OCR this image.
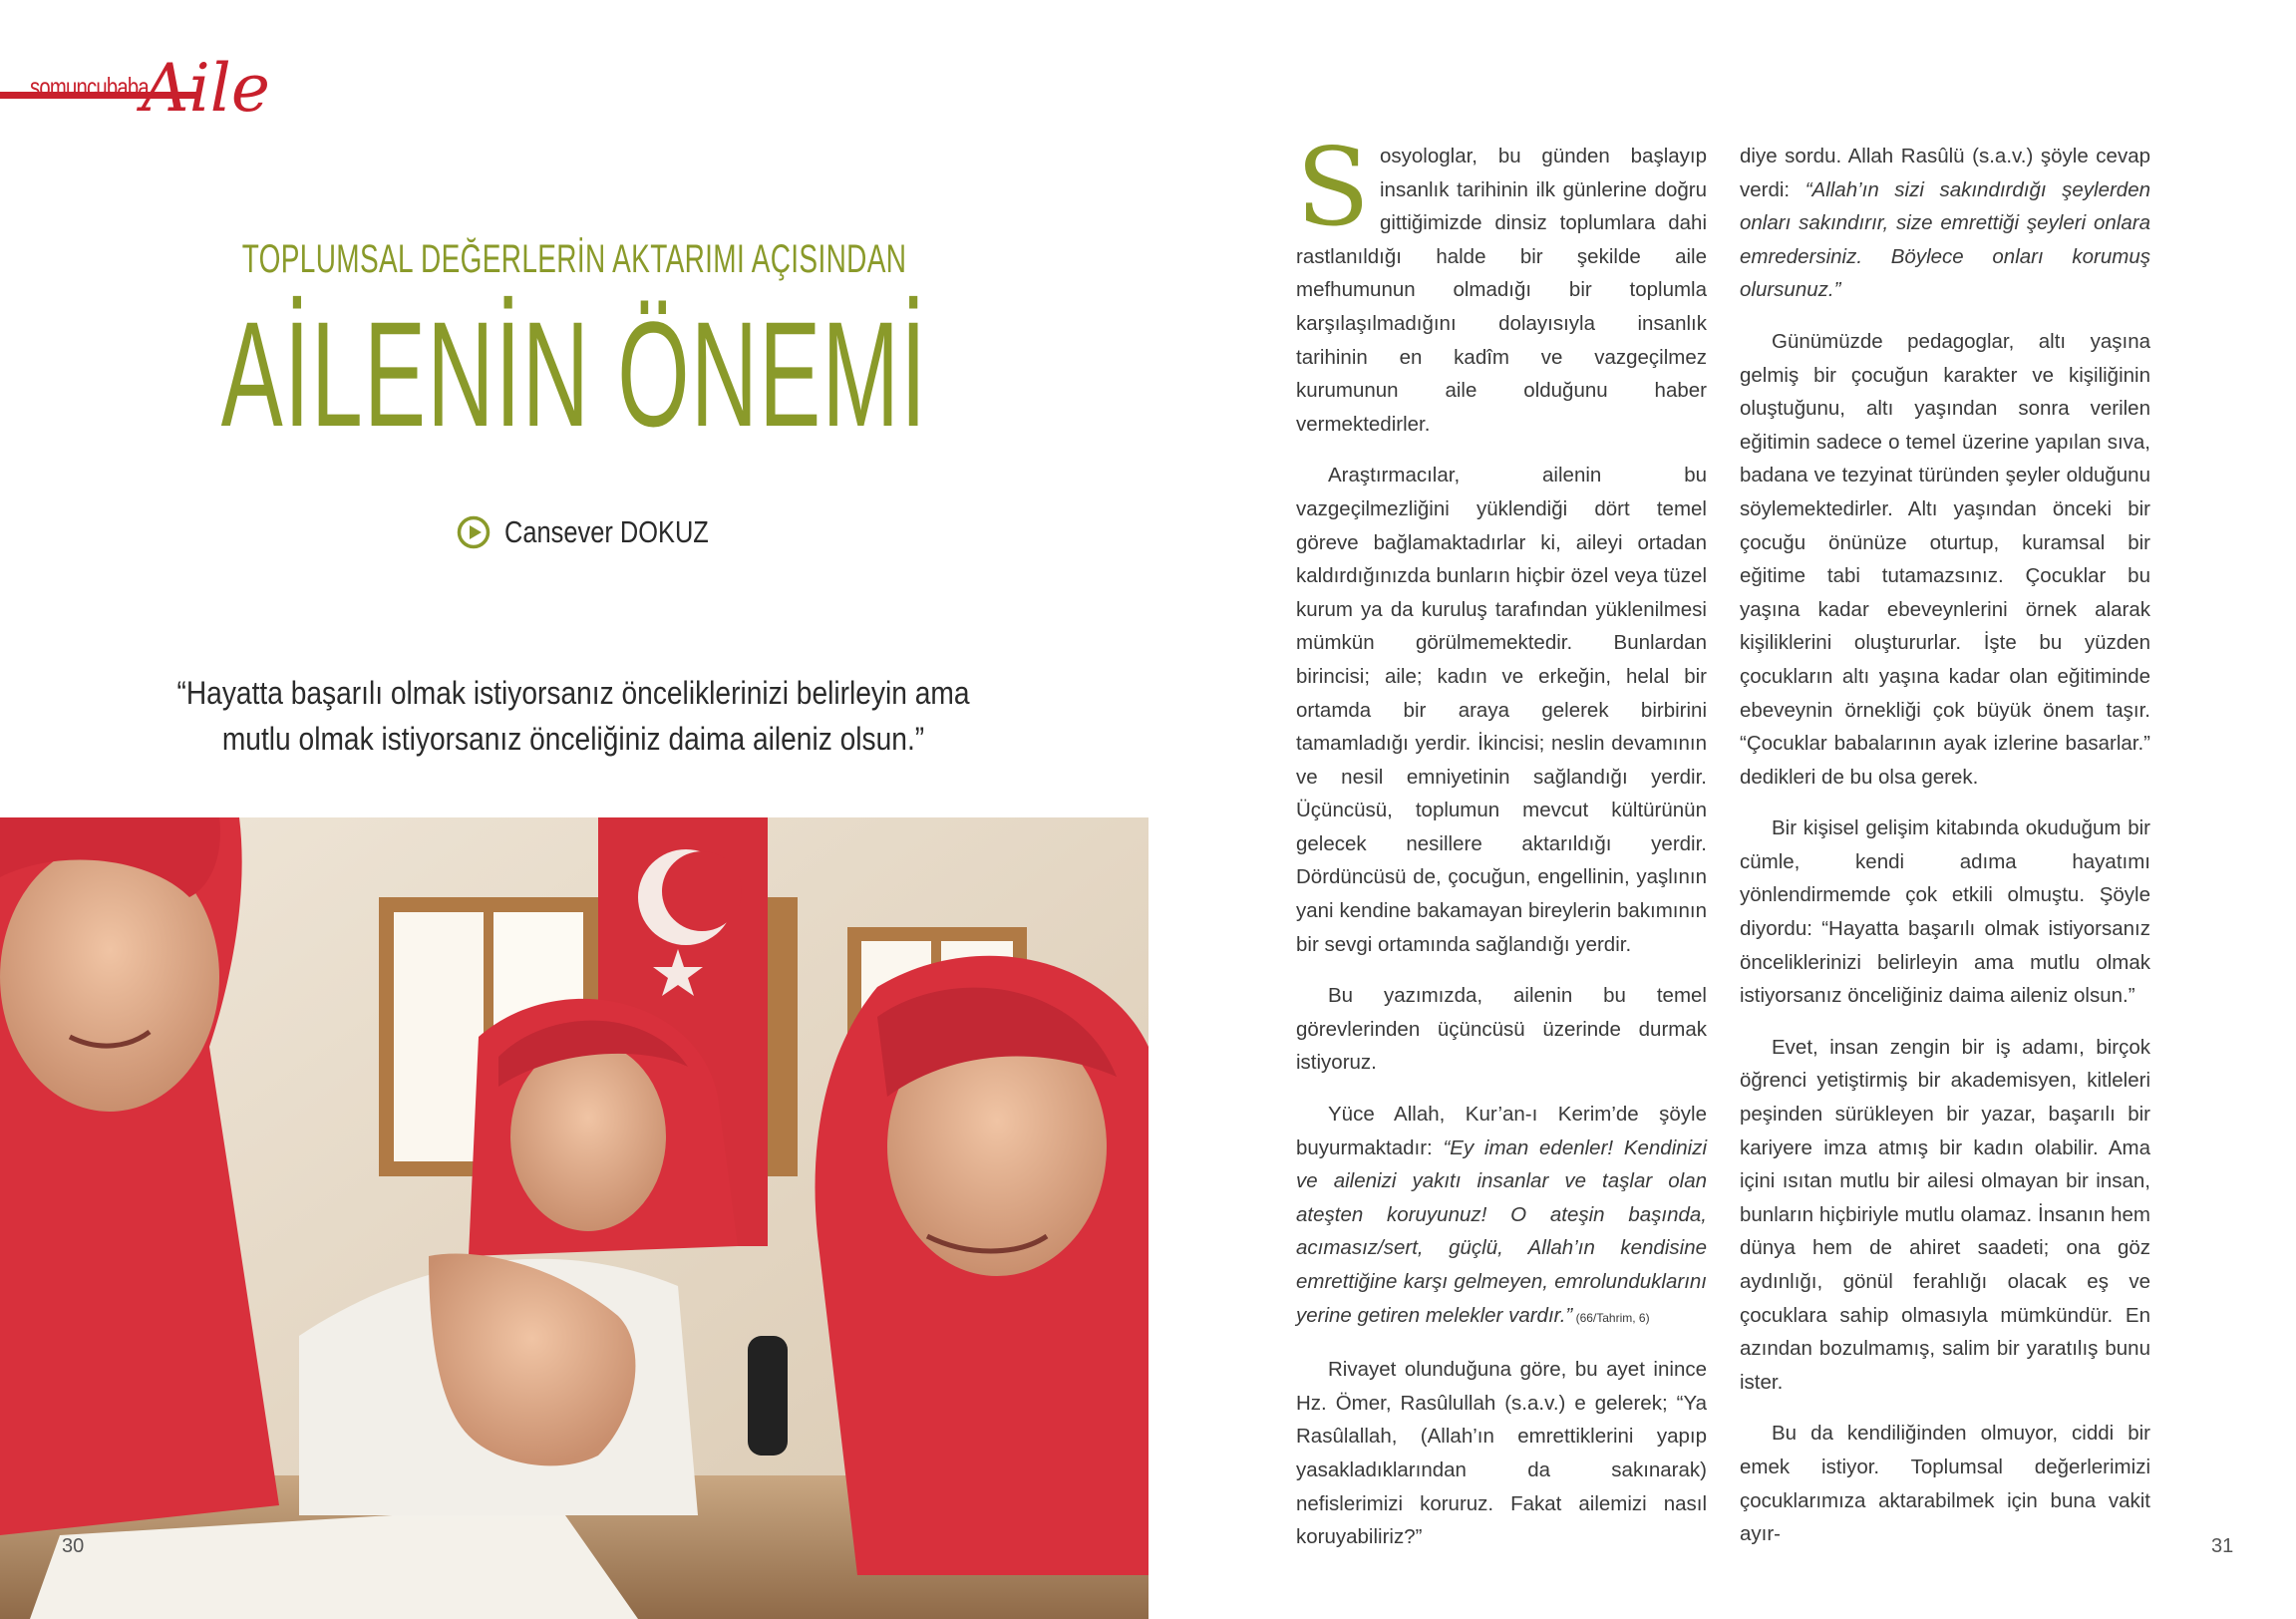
somuncubaba
Aile
TOPLUMSAL DEĞERLERİN AKTARIMI AÇISINDAN
AİLENİN ÖNEMİ
Cansever DOKUZ
“Hayatta başarılı olmak istiyorsanız önceliklerinizi belirleyin ama mutlu olmak istiyorsanız önceliğiniz daima aileniz olsun.”
30

Sosyologlar, bu günden başlayıp insanlık tarihinin ilk günlerine doğru gittiğimizde dinsiz toplumlara dahi rastlanıldığı halde bir şekilde aile mefhumunun olmadığı bir toplumla karşılaşılmadığını dolayısıyla insanlık tarihinin en kadîm ve vazgeçilmez kurumunun aile olduğunu haber vermektedirler.

Araştırmacılar, ailenin bu vazgeçilmezliğini yüklendiği dört temel göreve bağlamaktadırlar ki, aileyi ortadan kaldırdığınızda bunların hiçbir özel veya tüzel kurum ya da kuruluş tarafından yüklenilmesi mümkün görülmemektedir. Bunlardan birincisi; aile; kadın ve erkeğin, helal bir ortamda bir araya gelerek birbirini tamamladığı yerdir. İkincisi; neslin devamının ve nesil emniyetinin sağlandığı yerdir. Üçüncüsü, toplumun mevcut kültürünün gelecek nesillere aktarıldığı yerdir. Dördüncüsü de, çocuğun, engellinin, yaşlının yani kendine bakamayan bireylerin bakımının bir sevgi ortamında sağlandığı yerdir.

Bu yazımızda, ailenin bu temel görevlerinden üçüncüsü üzerinde durmak istiyoruz.

Yüce Allah, Kur’an-ı Kerim’de şöyle buyurmaktadır: “Ey iman edenler! Kendinizi ve ailenizi yakıtı insanlar ve taşlar olan ateşten koruyunuz! O ateşin başında, acımasız/sert, güçlü, Allah’ın kendisine emrettiğine karşı gelmeyen, emrolunduklarını yerine getiren melekler vardır.” (66/Tahrim, 6)

Rivayet olunduğuna göre, bu ayet inince Hz. Ömer, Rasûlullah (s.a.v.) e gelerek; “Ya Rasûlallah, (Allah’ın emrettiklerini yapıp yasakladıklarından da sakınarak) nefislerimizi koruruz. Fakat ailemizi nasıl koruyabiliriz?”

diye sordu. Allah Rasûlü (s.a.v.) şöyle cevap verdi: “Allah’ın sizi sakındırdığı şeylerden onları sakındırır, size emrettiği şeyleri onlara emredersiniz. Böylece onları korumuş olursunuz.”

Günümüzde pedagoglar, altı yaşına gelmiş bir çocuğun karakter ve kişiliğinin oluştuğunu, altı yaşından sonra verilen eğitimin sadece o temel üzerine yapılan sıva, badana ve tezyinat türünden şeyler olduğunu söylemektedirler. Altı yaşından önceki bir çocuğu önünüze oturtup, kuramsal bir eğitime tabi tutamazsınız. Çocuklar bu yaşına kadar ebeveynlerini örnek alarak kişiliklerini oluştururlar. İşte bu yüzden çocukların altı yaşına kadar olan eğitiminde ebeveynin örnekliği çok büyük önem taşır. “Çocuklar babalarının ayak izlerine basarlar.” dedikleri de bu olsa gerek.

Bir kişisel gelişim kitabında okuduğum bir cümle, kendi adıma hayatımı yönlendirmemde çok etkili olmuştu. Şöyle diyordu: “Hayatta başarılı olmak istiyorsanız önceliklerinizi belirleyin ama mutlu olmak istiyorsanız önceliğiniz daima aileniz olsun.”

Evet, insan zengin bir iş adamı, birçok öğrenci yetiştirmiş bir akademisyen, kitleleri peşinden sürükleyen bir yazar, başarılı bir kariyere imza atmış bir kadın olabilir. Ama içini ısıtan mutlu bir ailesi olmayan bir insan, bunların hiçbiriyle mutlu olamaz. İnsanın hem dünya hem de ahiret saadeti; ona göz aydınlığı, gönül ferahlığı olacak eş ve çocuklara sahip olmasıyla mümkündür. En azından bozulmamış, salim bir yaratılış bunu ister.

Bu da kendiliğinden olmuyor, ciddi bir emek istiyor. Toplumsal değerlerimizi çocuklarımıza aktarabilmek için buna vakit ayır-

31
